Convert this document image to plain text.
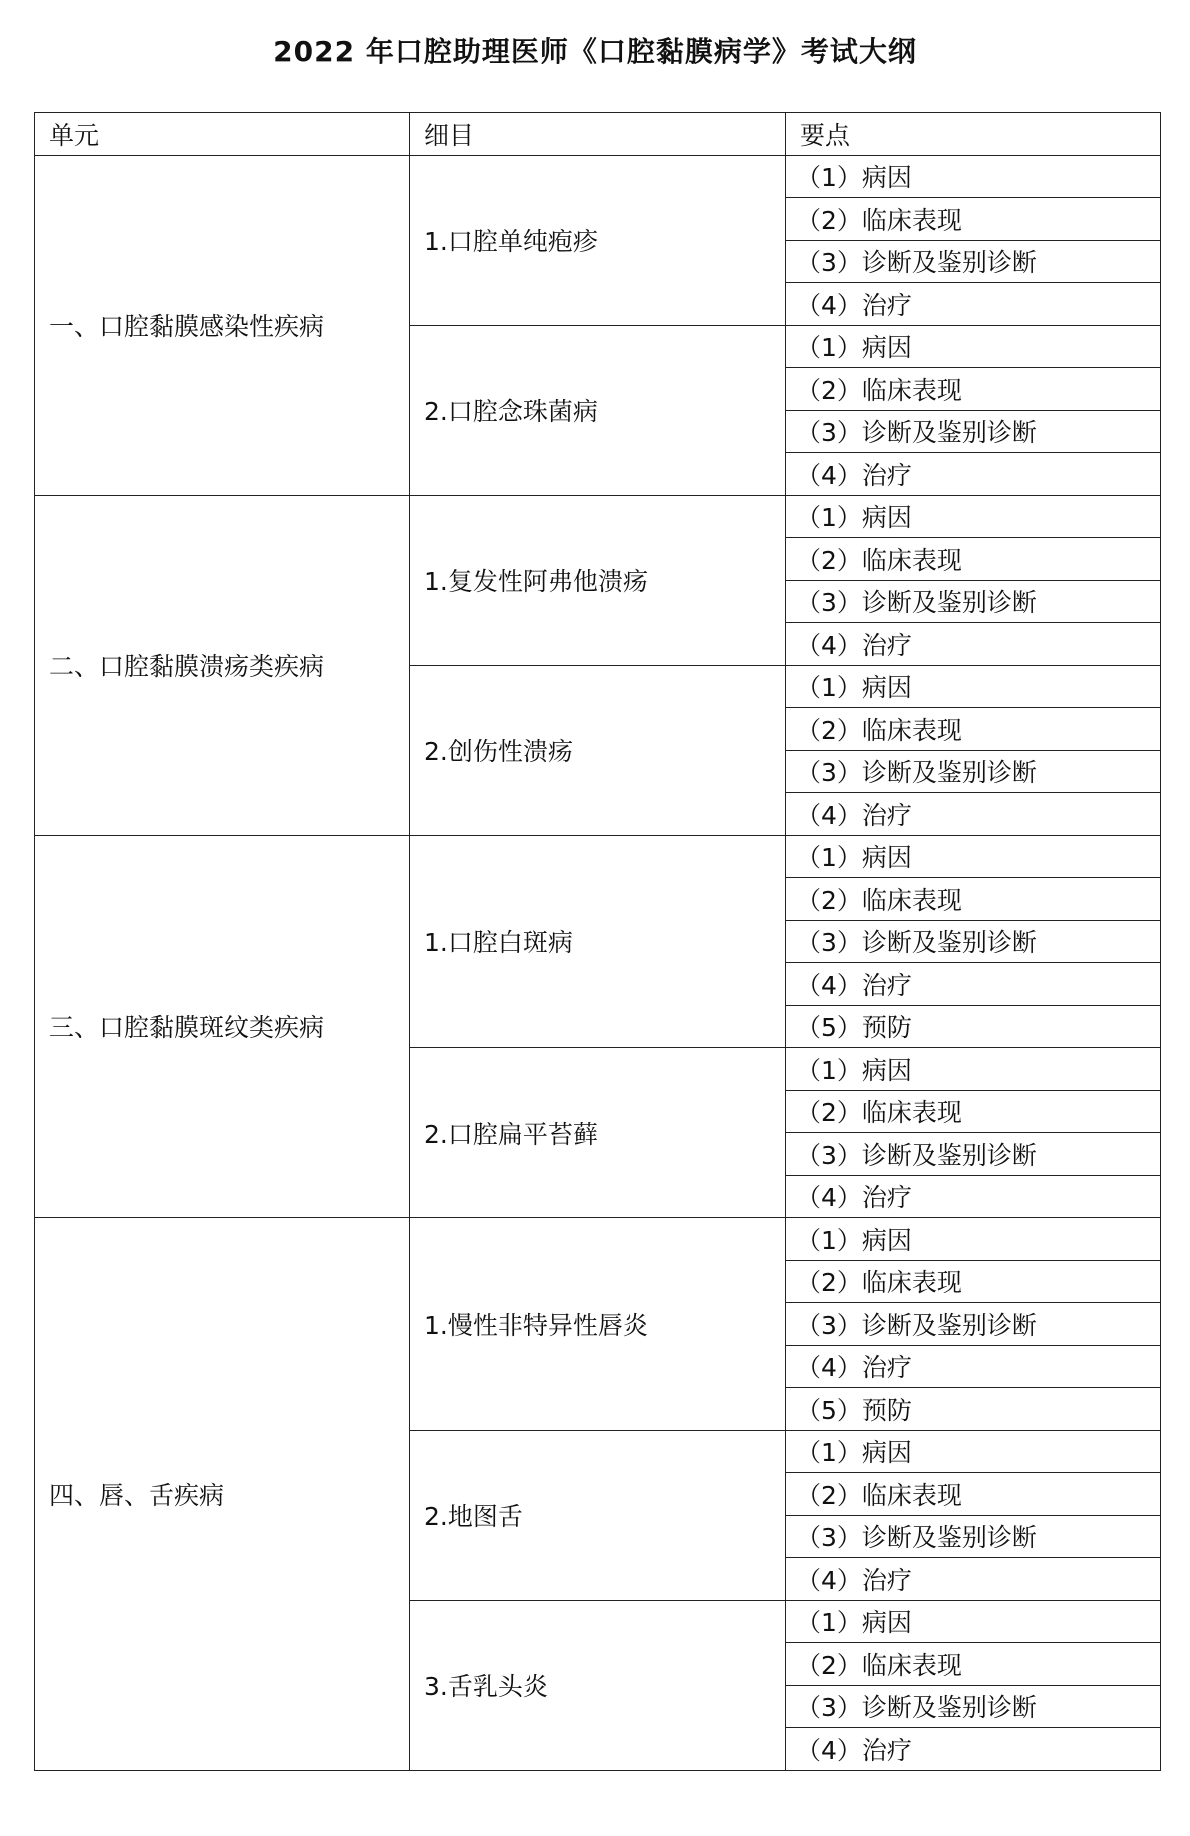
2022 年口腔助理医师《口腔黏膜病学》考试大纲
单元	细目	要点
一、口腔黏膜感染性疾病	1.口腔单纯疱疹	（1）病因
		（2）临床表现
		（3）诊断及鉴别诊断
		（4）治疗
	2.口腔念珠菌病	（1）病因
		（2）临床表现
		（3）诊断及鉴别诊断
		（4）治疗
二、口腔黏膜溃疡类疾病	1.复发性阿弗他溃疡	（1）病因
		（2）临床表现
		（3）诊断及鉴别诊断
		（4）治疗
	2.创伤性溃疡	（1）病因
		（2）临床表现
		（3）诊断及鉴别诊断
		（4）治疗
三、口腔黏膜斑纹类疾病	1.口腔白斑病	（1）病因
		（2）临床表现
		（3）诊断及鉴别诊断
		（4）治疗
		（5）预防
	2.口腔扁平苔藓	（1）病因
		（2）临床表现
		（3）诊断及鉴别诊断
		（4）治疗
四、唇、舌疾病	1.慢性非特异性唇炎	（1）病因
		（2）临床表现
		（3）诊断及鉴别诊断
		（4）治疗
		（5）预防
	2.地图舌	（1）病因
		（2）临床表现
		（3）诊断及鉴别诊断
		（4）治疗
	3.舌乳头炎	（1）病因
		（2）临床表现
		（3）诊断及鉴别诊断
		（4）治疗
